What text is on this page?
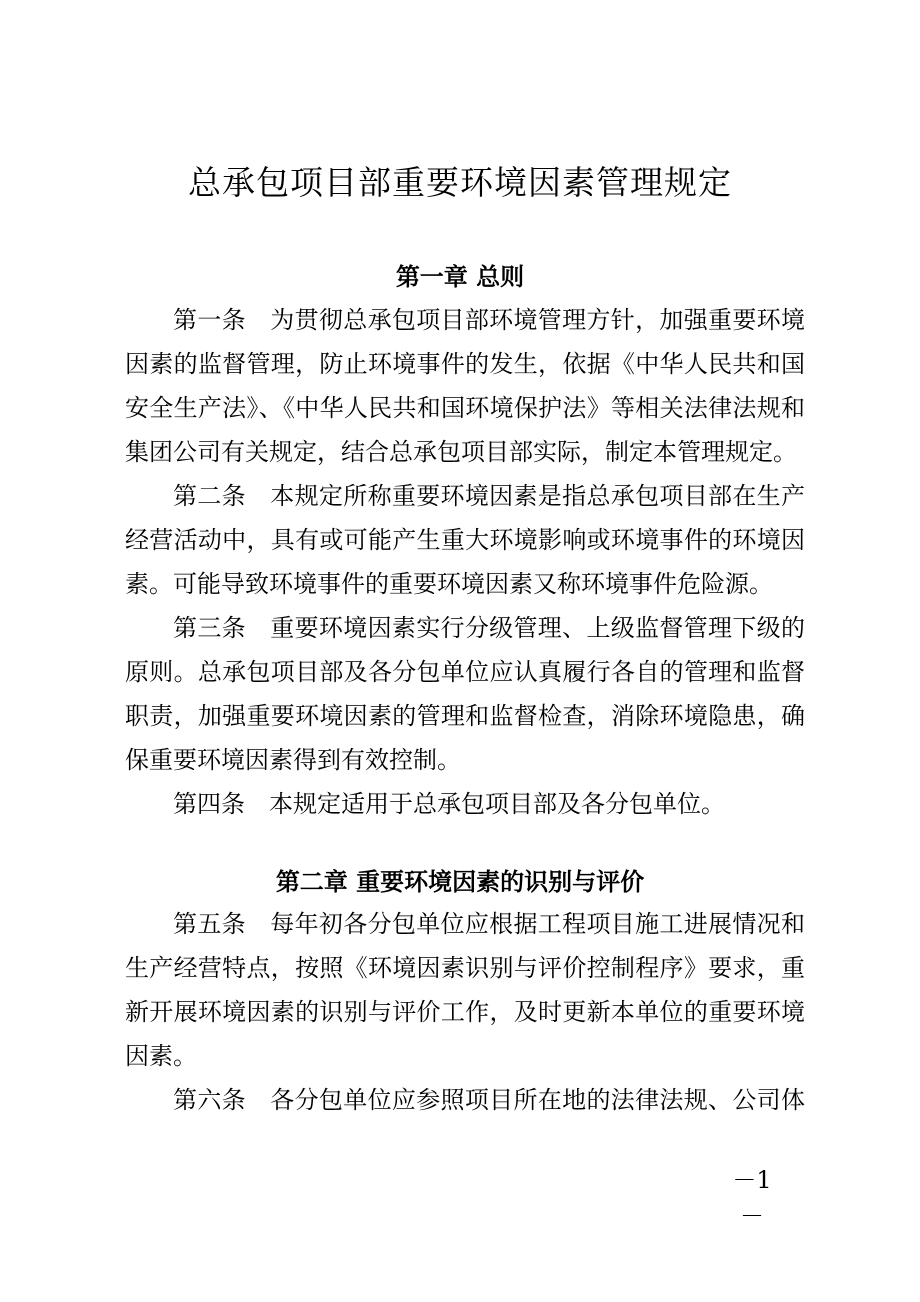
总承包项目部重要环境因素管理规定
第一章 总则
第一条 为贯彻总承包项目部环境管理方针，加强重要环境
因素的监督管理，防止环境事件的发生，依据《中华人民共和国
安全生产法》、《中华人民共和国环境保护法》等相关法律法规和
集团公司有关规定，结合总承包项目部实际，制定本管理规定。
第二条 本规定所称重要环境因素是指总承包项目部在生产
经营活动中，具有或可能产生重大环境影响或环境事件的环境因
素。可能导致环境事件的重要环境因素又称环境事件危险源。
第三条 重要环境因素实行分级管理、上级监督管理下级的
原则。总承包项目部及各分包单位应认真履行各自的管理和监督
职责，加强重要环境因素的管理和监督检查，消除环境隐患，确
保重要环境因素得到有效控制。
第四条 本规定适用于总承包项目部及各分包单位。
第二章 重要环境因素的识别与评价
第五条 每年初各分包单位应根据工程项目施工进展情况和
生产经营特点，按照《环境因素识别与评价控制程序》要求，重
新开展环境因素的识别与评价工作，及时更新本单位的重要环境
因素。
第六条 各分包单位应参照项目所在地的法律法规、公司体
－1－
